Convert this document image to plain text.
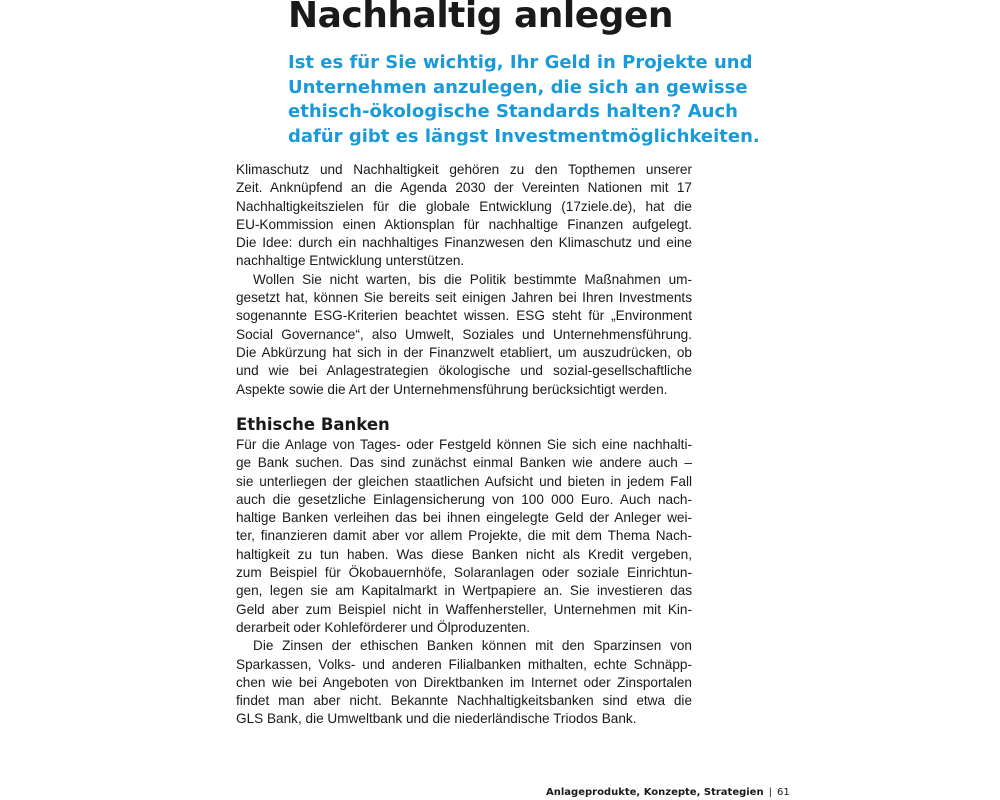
Nachhaltig anlegen

Ist es für Sie wichtig, Ihr Geld in Projekte und
Unternehmen anzulegen, die sich an gewisse
ethisch-ökologische Standards halten? Auch
dafür gibt es längst Investmentmöglichkeiten.

Klimaschutz und Nachhaltigkeit gehören zu den Topthemen unserer
Zeit. Anknüpfend an die Agenda 2030 der Vereinten Nationen mit 17
Nachhaltigkeitszielen für die globale Entwicklung (17ziele.de), hat die
EU-Kommission einen Aktionsplan für nachhaltige Finanzen aufgelegt.
Die Idee: durch ein nachhaltiges Finanzwesen den Klimaschutz und eine
nachhaltige Entwicklung unterstützen.

Wollen Sie nicht warten, bis die Politik bestimmte Maßnahmen um-
gesetzt hat, können Sie bereits seit einigen Jahren bei Ihren Investments
sogenannte ESG-Kriterien beachtet wissen. ESG steht für „Environment
Social Governance“, also Umwelt, Soziales und Unternehmensführung.
Die Abkürzung hat sich in der Finanzwelt etabliert, um auszudrücken, ob
und wie bei Anlagestrategien ökologische und sozial-gesellschaftliche
Aspekte sowie die Art der Unternehmensführung berücksichtigt werden.

Ethische Banken

Für die Anlage von Tages- oder Festgeld können Sie sich eine nachhalti-
ge Bank suchen. Das sind zunächst einmal Banken wie andere auch –
sie unterliegen der gleichen staatlichen Aufsicht und bieten in jedem Fall
auch die gesetzliche Einlagensicherung von 100 000 Euro. Auch nach-
haltige Banken verleihen das bei ihnen eingelegte Geld der Anleger wei-
ter, finanzieren damit aber vor allem Projekte, die mit dem Thema Nach-
haltigkeit zu tun haben. Was diese Banken nicht als Kredit vergeben,
zum Beispiel für Ökobauernhöfe, Solaranlagen oder soziale Einrichtun-
gen, legen sie am Kapitalmarkt in Wertpapiere an. Sie investieren das
Geld aber zum Beispiel nicht in Waffenhersteller, Unternehmen mit Kin-
derarbeit oder Kohleförderer und Ölproduzenten.

Die Zinsen der ethischen Banken können mit den Sparzinsen von
Sparkassen, Volks- und anderen Filialbanken mithalten, echte Schnäpp-
chen wie bei Angeboten von Direktbanken im Internet oder Zinsportalen
findet man aber nicht. Bekannte Nachhaltigkeitsbanken sind etwa die
GLS Bank, die Umweltbank und die niederländische Triodos Bank.

Anlageprodukte, Konzepte, Strategien | 61
